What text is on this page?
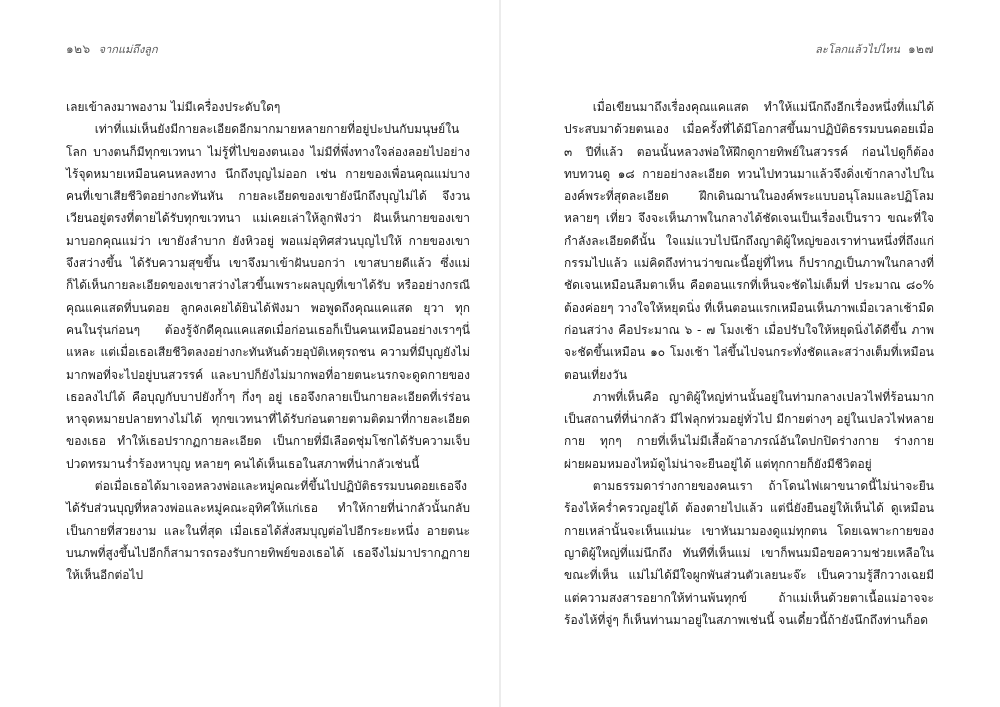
๑๒๖ จากแม่ถึงลูก	ละโลกแล้วไปไหน ๑๒๗

เลยเข้าลงมาพองาม ไม่มีเครื่องประดับใดๆ

เท่าที่แม่เห็นยังมีกายละเอียดอีกมากมายหลายกายที่อยู่ปะปนกับมนุษย์ในโลก บางตนก็มีทุกขเวทนา ไม่รู้ที่ไปของตนเอง ไม่มีที่พึ่งทางใจล่องลอยไปอย่างไร้จุดหมายเหมือนคนหลงทาง นึกถึงบุญไม่ออก เช่น กายของเพื่อนคุณแม่บางคนที่เขาเสียชีวิตอย่างกะทันหัน กายละเอียดของเขายังนึกถึงบุญไม่ได้ จึงวนเวียนอยู่ตรงที่ตายได้รับทุกขเวทนา แม่เคยเล่าให้ลูกฟังว่า ฝันเห็นกายของเขามาบอกคุณแม่ว่า เขายังลำบาก ยังหิวอยู่ พอแม่อุทิศส่วนบุญไปให้ กายของเขาจึงสว่างขึ้น ได้รับความสุขขึ้น เขาจึงมาเข้าฝันบอกว่า เขาสบายดีแล้ว ซึ่งแม่ก็ได้เห็นกายละเอียดของเขาสว่างไสวขึ้นเพราะผลบุญที่เขาได้รับ หรืออย่างกรณีคุณแคแสดที่บนดอย ลูกคงเคยได้ยินได้ฟังมา พอพูดถึงคุณแคแสด ยุวา ทุกคนในรุ่นก่อนๆ ต้องรู้จักดีคุณแคแสดเมื่อก่อนเธอก็เป็นคนเหมือนอย่างเราๆนี่แหละ แต่เมื่อเธอเสียชีวิตลงอย่างกะทันหันด้วยอุบัติเหตุรถชน ความที่มีบุญยังไม่มากพอที่จะไปอยู่บนสวรรค์ และบาปก็ยังไม่มากพอที่อายตนะนรกจะดูดกายของเธอลงไปได้ คือบุญกับบาปยังก้ำๆ กึ่งๆ อยู่ เธอจึงกลายเป็นกายละเอียดที่เร่ร่อนหาจุดหมายปลายทางไม่ได้ ทุกขเวทนาที่ได้รับก่อนตายตามติดมาที่กายละเอียดของเธอ ทำให้เธอปรากฏกายละเอียด เป็นกายที่มีเลือดชุ่มโชกได้รับความเจ็บปวดทรมานร่ำร้องหาบุญ หลายๆ คนได้เห็นเธอในสภาพที่น่ากลัวเช่นนี้

ต่อเมื่อเธอได้มาเจอหลวงพ่อและหมู่คณะที่ขึ้นไปปฏิบัติธรรมบนดอยเธอจึงได้รับส่วนบุญที่หลวงพ่อและหมู่คณะอุทิศให้แก่เธอ ทำให้กายที่น่ากลัวนั้นกลับเป็นกายที่สวยงาม และในที่สุด เมื่อเธอได้สั่งสมบุญต่อไปอีกระยะหนึ่ง อายตนะบนภพที่สูงขึ้นไปอีกก็สามารถรองรับกายทิพย์ของเธอได้ เธอจึงไม่มาปรากฏกายให้เห็นอีกต่อไป

เมื่อเขียนมาถึงเรื่องคุณแคแสด ทำให้แม่นึกถึงอีกเรื่องหนึ่งที่แม่ได้ประสบมาด้วยตนเอง เมื่อครั้งที่ได้มีโอกาสขึ้นมาปฏิบัติธรรมบนดอยเมื่อ ๓ ปีที่แล้ว ตอนนั้นหลวงพ่อให้ฝึกดูกายทิพย์ในสวรรค์ ก่อนไปดูก็ต้องทบทวนดู ๑๘ กายอย่างละเอียด ทวนไปทวนมาแล้วจึงดิ่งเข้ากลางไปในองค์พระที่สุดละเอียด ฝึกเดินฌานในองค์พระแบบอนุโลมและปฏิโลมหลายๆ เที่ยว จึงจะเห็นภาพในกลางได้ชัดเจนเป็นเรื่องเป็นราว ขณะที่ใจกำลังละเอียดดีนั้น ใจแม่แวบไปนึกถึงญาติผู้ใหญ่ของเราท่านหนึ่งที่ถึงแก่กรรมไปแล้ว แม่คิดถึงท่านว่าขณะนี้อยู่ที่ไหน ก็ปรากฏเป็นภาพในกลางที่ชัดเจนเหมือนลืมตาเห็น คือตอนแรกที่เห็นจะชัดไม่เต็มที่ ประมาณ ๘๐% ต้องค่อยๆ วางใจให้หยุดนิ่ง ที่เห็นตอนแรกเหมือนเห็นภาพเมื่อเวลาเช้ามืดก่อนสว่าง คือประมาณ ๖ - ๗ โมงเช้า เมื่อปรับใจให้หยุดนิ่งได้ดีขึ้น ภาพจะชัดขึ้นเหมือน ๑๐ โมงเช้า ไล่ขึ้นไปจนกระทั่งชัดและสว่างเต็มที่เหมือนตอนเที่ยงวัน

ภาพที่เห็นคือ ญาติผู้ใหญ่ท่านนั้นอยู่ในท่ามกลางเปลวไฟที่ร้อนมากเป็นสถานที่ที่น่ากลัว มีไฟลุกท่วมอยู่ทั่วไป มีกายต่างๆ อยู่ในเปลวไฟหลายกาย ทุกๆ กายที่เห็นไม่มีเสื้อผ้าอาภรณ์อันใดปกปิดร่างกาย ร่างกายผ่ายผอมหมองไหม้ดูไม่น่าจะยืนอยู่ได้ แต่ทุกกายก็ยังมีชีวิตอยู่

ตามธรรมดาร่างกายของคนเรา ถ้าโดนไฟเผาขนาดนี้ไม่น่าจะยืนร้องไห้คร่ำครวญอยู่ได้ ต้องตายไปแล้ว แต่นี่ยังยืนอยู่ให้เห็นได้ ดูเหมือนกายเหล่านั้นจะเห็นแม่นะ เขาหันมามองดูแม่ทุกตน โดยเฉพาะกายของญาติผู้ใหญ่ที่แม่นึกถึง ทันทีที่เห็นแม่ เขาก็พนมมือขอความช่วยเหลือในขณะที่เห็น แม่ไม่ได้มีใจผูกพันส่วนตัวเลยนะจ๊ะ เป็นความรู้สึกวางเฉยมีแต่ความสงสารอยากให้ท่านพ้นทุกข์ ถ้าแม่เห็นด้วยตาเนื้อแม่อาจจะร้องไห้ที่จู่ๆ ก็เห็นท่านมาอยู่ในสภาพเช่นนี้ จนเดี๋ยวนี้ถ้ายังนึกถึงท่านก็อด
